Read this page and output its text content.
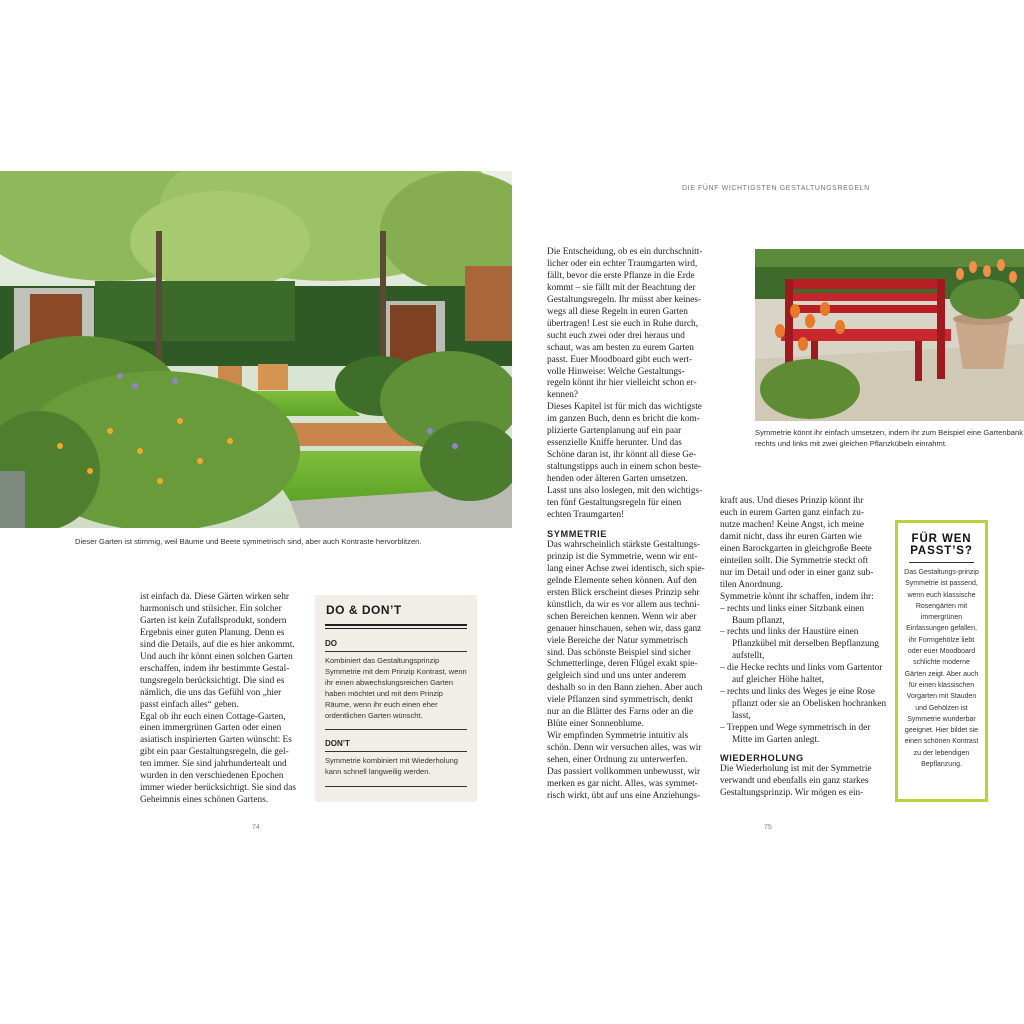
Dieser Garten ist stimmig, weil Bäume und Beete symmetrisch sind, aber auch Kontraste hervorblitzen.
ist einfach da. Diese Gärten wirken sehr
harmonisch und stilsicher. Ein solcher
Garten ist kein Zufallsprodukt, sondern
Ergebnis einer guten Planung. Denn es
sind die Details, auf die es hier ankommt.
Und auch ihr könnt einen solchen Garten
erschaffen, indem ihr bestimmte Gestal-
tungsregeln berücksichtigt. Die sind es
nämlich, die uns das Gefühl von „hier
passt einfach alles“ geben.
Egal ob ihr euch einen Cottage-Garten,
einen immergrünen Garten oder einen
asiatisch inspirierten Garten wünscht: Es
gibt ein paar Gestaltungsregeln, die gel-
ten immer. Sie sind jahrhundertealt und
wurden in den verschiedenen Epochen
immer wieder berücksichtigt. Sie sind das
Geheimnis eines schönen Gartens.
DO & DON’T
DO
Kombiniert das Gestaltungsprinzip Symmetrie mit dem Prinzip Kontrast, wenn ihr einen abwechslungsreichen Garten haben möchtet und mit dem Prinzip Räume, wenn ihr euch einen eher ordentlichen Garten wünscht.
DON’T
Symmetrie kombiniert mit Wiederholung kann schnell langweilig werden.
74
DIE FÜNF WICHTIGSTEN GESTALTUNGSREGELN
Symmetrie könnt ihr einfach umsetzen, indem ihr zum Beispiel eine Gartenbank rechts und links mit zwei gleichen Pflanzkübeln einrahmt.
Die Entscheidung, ob es ein durchschnitt-
licher oder ein echter Traumgarten wird,
fällt, bevor die erste Pflanze in die Erde
kommt – sie fällt mit der Beachtung der
Gestaltungsregeln. Ihr müsst aber keines-
wegs all diese Regeln in euren Garten
übertragen! Lest sie euch in Ruhe durch,
sucht euch zwei oder drei heraus und
schaut, was am besten zu eurem Garten
passt. Euer Moodboard gibt euch wert-
volle Hinweise: Welche Gestaltungs-
regeln könnt ihr hier vielleicht schon er-
kennen?
Dieses Kapitel ist für mich das wichtigste
im ganzen Buch, denn es bricht die kom-
plizierte Gartenplanung auf ein paar
essenzielle Kniffe herunter. Und das
Schöne daran ist, ihr könnt all diese Ge-
staltungstipps auch in einem schon beste-
henden oder älteren Garten umsetzen.
Lasst uns also loslegen, mit den wichtigs-
ten fünf Gestaltungsregeln für einen
echten Traumgarten!
SYMMETRIE
Das wahrscheinlich stärkste Gestaltungs-
prinzip ist die Symmetrie, wenn wir ent-
lang einer Achse zwei identisch, sich spie-
gelnde Elemente sehen können. Auf den
ersten Blick erscheint dieses Prinzip sehr
künstlich, da wir es vor allem aus techni-
schen Bereichen kennen. Wenn wir aber
genauer hinschauen, sehen wir, dass ganz
viele Bereiche der Natur symmetrisch
sind. Das schönste Beispiel sind sicher
Schmetterlinge, deren Flügel exakt spie-
gelgleich sind und uns unter anderem
deshalb so in den Bann ziehen. Aber auch
viele Pflanzen sind symmetrisch, denkt
nur an die Blätter des Farns oder an die
Blüte einer Sonnenblume.
Wir empfinden Symmetrie intuitiv als
schön. Denn wir versuchen alles, was wir
sehen, einer Ordnung zu unterwerfen.
Das passiert vollkommen unbewusst, wir
merken es gar nicht. Alles, was symmet-
risch wirkt, übt auf uns eine Anziehungs-
kraft aus. Und dieses Prinzip könnt ihr
euch in eurem Garten ganz einfach zu-
nutze machen! Keine Angst, ich meine
damit nicht, dass ihr euren Garten wie
einen Barockgarten in gleichgroße Beete
einteilen sollt. Die Symmetrie steckt oft
nur im Detail und oder in einer ganz sub-
tilen Anordnung.
Symmetrie könnt ihr schaffen, indem ihr:
– rechts und links einer Sitzbank einen Baum pflanzt,
– rechts und links der Haustüre einen Pflanzkübel mit derselben Bepflanzung aufstellt,
– die Hecke rechts und links vom Gartentor auf gleicher Höhe haltet,
– rechts und links des Weges je eine Rose pflanzt oder sie an Obelisken hochranken lasst,
– Treppen und Wege symmetrisch in der Mitte im Garten anlegt.
WIEDERHOLUNG
Die Wiederholung ist mit der Symmetrie
verwandt und ebenfalls ein ganz starkes
Gestaltungsprinzip. Wir mögen es ein-
FÜR WEN
PASST’S?
Das Gestaltungs-prinzip Symmetrie ist passend, wenn euch klassische Rosengärten mit immergrünen Einfassungen gefallen, ihr Formgehölze liebt oder euer Moodboard schlichte moderne Gärten zeigt. Aber auch für einen klassischen Vorgarten mit Stauden und Gehölzen ist Symmetrie wunderbar geeignet. Hier bildet sie einen schönen Kontrast zu der lebendigen Bepflanzung.
75
